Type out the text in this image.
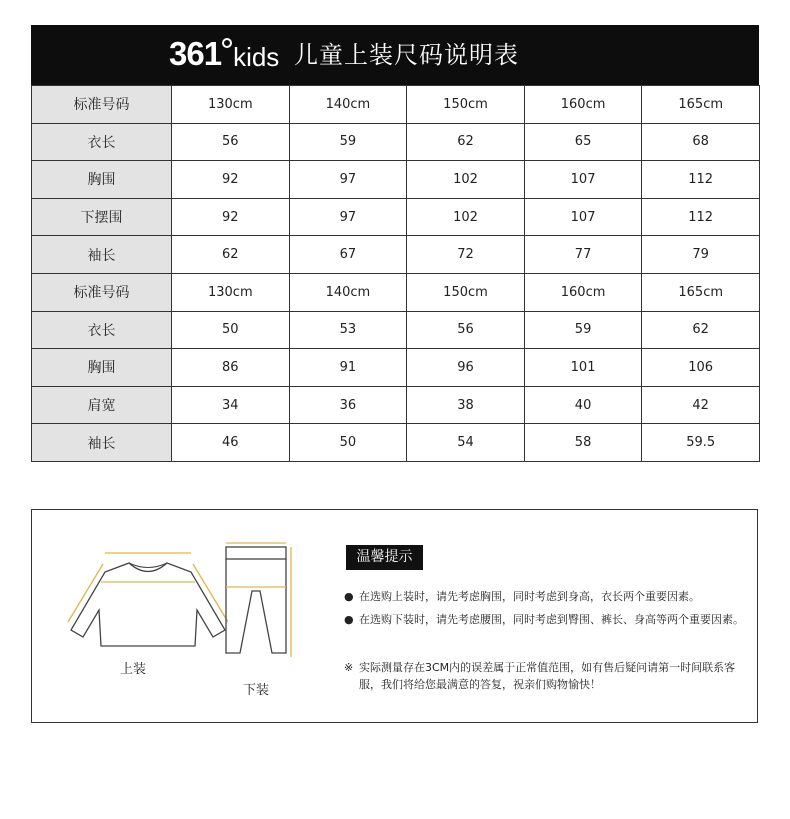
361 kids 儿童上装尺码说明表
标准号码	130cm	140cm	150cm	160cm	165cm
衣长	56	59	62	65	68
胸围	92	97	102	107	112
下摆围	92	97	102	107	112
袖长	62	67	72	77	79
标准号码	130cm	140cm	150cm	160cm	165cm
衣长	50	53	56	59	62
胸围	86	91	96	101	106
肩宽	34	36	38	40	42
袖长	46	50	54	58	59.5
上装
下装
温馨提示
● 在选购上装时，请先考虑胸围，同时考虑到身高，衣长两个重要因素。
● 在选购下装时，请先考虑腰围，同时考虑到臀围、裤长、身高等两个重要因素。
※ 实际测量存在3CM内的误差属于正常值范围，如有售后疑问请第一时间联系客服，我们将给您最满意的答复，祝亲们购物愉快！
